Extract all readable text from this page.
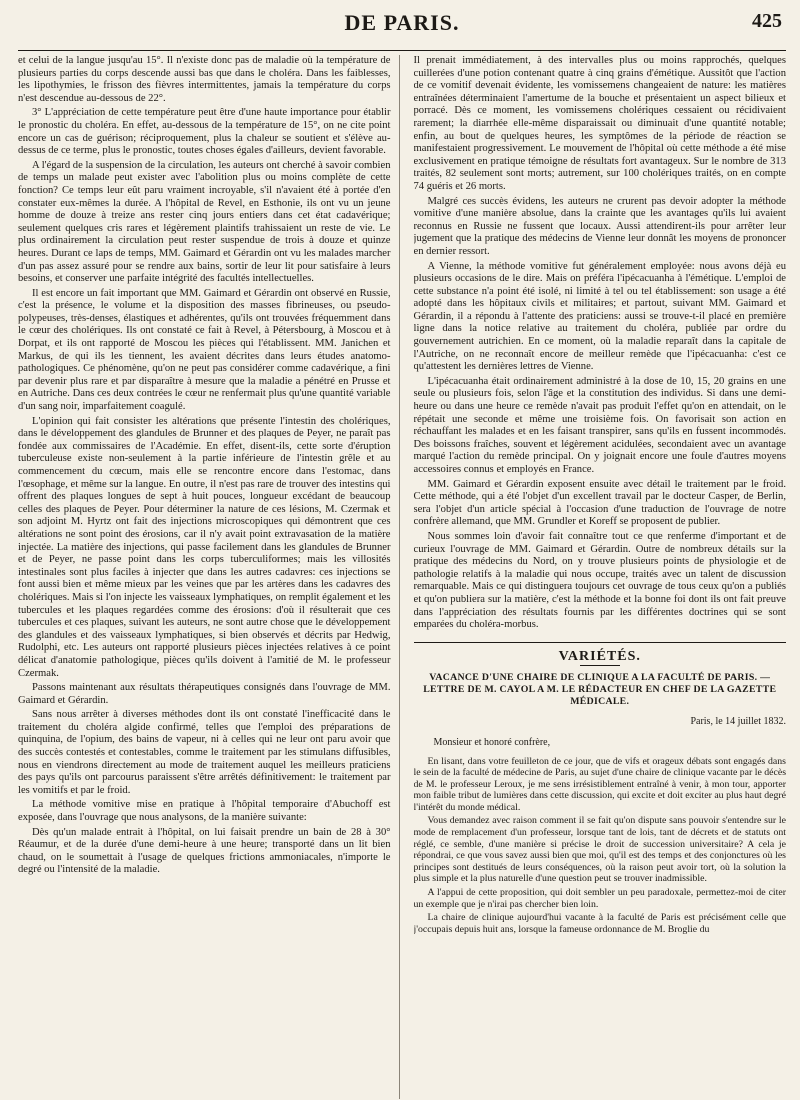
DE PARIS.	425

et celui de la langue jusqu'au 15°. Il n'existe donc pas de maladie où la température de plusieurs parties du corps descende aussi bas que dans le choléra. Dans les faiblesses, les lipothymies, le frisson des fièvres intermittentes, jamais la température du corps n'est descendue au-dessous de 22°.

3° L'appréciation de cette température peut être d'une haute importance pour établir le pronostic du choléra. En effet, au-dessous de la température de 15°, on ne cite point encore un cas de guérison; réciproquement, plus la chaleur se soutient et s'élève au-dessus de ce terme, plus le pronostic, toutes choses égales d'ailleurs, devient favorable.

A l'égard de la suspension de la circulation, les auteurs ont cherché à savoir combien de temps un malade peut exister avec l'abolition plus ou moins complète de cette fonction? Ce temps leur eût paru vraiment incroyable, s'il n'avaient été à portée d'en constater eux-mêmes la durée. A l'hôpital de Revel, en Esthonie, ils ont vu un jeune homme de douze à treize ans rester cinq jours entiers dans cet état cadavérique; seulement quelques cris rares et légèrement plaintifs trahissaient un reste de vie. Le plus ordinairement la circulation peut rester suspendue de trois à douze et quinze heures. Durant ce laps de temps, MM. Gaimard et Gérardin ont vu les malades marcher d'un pas assez assuré pour se rendre aux bains, sortir de leur lit pour satisfaire à leurs besoins, et conserver une parfaite intégrité des facultés intellectuelles.

Il est encore un fait important que MM. Gaimard et Gérardin ont observé en Russie, c'est la présence, le volume et la disposition des masses fibrineuses, ou pseudo-polypeuses, très-denses, élastiques et adhérentes, qu'ils ont trouvées fréquemment dans le cœur des cholériques. Ils ont constaté ce fait à Revel, à Pétersbourg, à Moscou et à Dorpat, et ils ont rapporté de Moscou les pièces qui l'établissent. MM. Janichen et Markus, de qui ils les tiennent, les avaient décrites dans leurs études anatomo-pathologiques. Ce phénomène, qu'on ne peut pas considérer comme cadavérique, a fini par devenir plus rare et par disparaître à mesure que la maladie a pénétré en Prusse et en Autriche. Dans ces deux contrées le cœur ne renfermait plus qu'une quantité variable d'un sang noir, imparfaitement coagulé.

L'opinion qui fait consister les altérations que présente l'intestin des cholériques, dans le développement des glandules de Brunner et des plaques de Peyer, ne paraît pas fondée aux commissaires de l'Académie. En effet, disent-ils, cette sorte d'éruption tuberculeuse existe non-seulement à la partie inférieure de l'intestin grêle et au commencement du cœcum, mais elle se rencontre encore dans l'estomac, dans l'œsophage, et même sur la langue. En outre, il n'est pas rare de trouver des intestins qui offrent des plaques longues de sept à huit pouces, longueur excédant de beaucoup celles des plaques de Peyer. Pour déterminer la nature de ces lésions, M. Czermak et son adjoint M. Hyrtz ont fait des injections microscopiques qui démontrent que ces altérations ne sont point des érosions, car il n'y avait point extravasation de la matière injectée. La matière des injections, qui passe facilement dans les glandules de Brunner et de Peyer, ne passe point dans les corps tuberculiformes; mais les villosités intestinales sont plus faciles à injecter que dans les autres cadavres: ces injections se font aussi bien et même mieux par les veines que par les artères dans les cadavres des cholériques. Mais si l'on injecte les vaisseaux lymphatiques, on remplit également et les tubercules et les plaques regardées comme des érosions: d'où il résulterait que ces tubercules et ces plaques, suivant les auteurs, ne sont autre chose que le développement des glandules et des vaisseaux lymphatiques, si bien observés et décrits par Hedwig, Rudolphi, etc. Les auteurs ont rapporté plusieurs pièces injectées relatives à ce point délicat d'anatomie pathologique, pièces qu'ils doivent à l'amitié de M. le professeur Czermak.

Passons maintenant aux résultats thérapeutiques consignés dans l'ouvrage de MM. Gaimard et Gérardin.

Sans nous arrêter à diverses méthodes dont ils ont constaté l'inefficacité dans le traitement du choléra algide confirmé, telles que l'emploi des préparations de quinquina, de l'opium, des bains de vapeur, ni à celles qui ne leur ont paru avoir que des succès contestés et contestables, comme le traitement par les stimulans diffusibles, nous en viendrons directement au mode de traitement auquel les meilleurs praticiens des pays qu'ils ont parcourus paraissent s'être arrêtés définitivement: le traitement par les vomitifs et par le froid.

La méthode vomitive mise en pratique à l'hôpital temporaire d'Abuchoff est exposée, dans l'ouvrage que nous analysons, de la manière suivante:

Dès qu'un malade entrait à l'hôpital, on lui faisait prendre un bain de 28 à 30° Réaumur, et de la durée d'une demi-heure à une heure; transporté dans un lit bien chaud, on le soumettait à l'usage de quelques frictions ammoniacales, n'importe le degré ou l'intensité de la maladie.

Il prenait immédiatement, à des intervalles plus ou moins rapprochés, quelques cuillerées d'une potion contenant quatre à cinq grains d'émétique. Aussitôt que l'action de ce vomitif devenait évidente, les vomissemens changeaient de nature: les matières entraînées déterminaient l'amertume de la bouche et présentaient un aspect bilieux et porracé. Dès ce moment, les vomissemens cholériques cessaient ou récidivaient rarement; la diarrhée elle-même disparaissait ou diminuait d'une quantité notable; enfin, au bout de quelques heures, les symptômes de la période de réaction se manifestaient progressivement. Le mouvement de l'hôpital où cette méthode a été mise exclusivement en pratique témoigne de résultats fort avantageux. Sur le nombre de 313 traités, 82 seulement sont morts; autrement, sur 100 cholériques traités, on en compte 74 guéris et 26 morts.

Malgré ces succès évidens, les auteurs ne crurent pas devoir adopter la méthode vomitive d'une manière absolue, dans la crainte que les avantages qu'ils lui avaient reconnus en Russie ne fussent que locaux. Aussi attendirent-ils pour arrêter leur jugement que la pratique des médecins de Vienne leur donnât les moyens de prononcer en dernier ressort.

A Vienne, la méthode vomitive fut généralement employée: nous avons déjà eu plusieurs occasions de le dire. Mais on préféra l'ipécacuanha à l'émétique. L'emploi de cette substance n'a point été isolé, ni limité à tel ou tel établissement: son usage a été adopté dans les hôpitaux civils et militaires; et partout, suivant MM. Gaimard et Gérardin, il a répondu à l'attente des praticiens: aussi se trouve-t-il placé en première ligne dans la notice relative au traitement du choléra, publiée par ordre du gouvernement autrichien. En ce moment, où la maladie reparaît dans la capitale de l'Autriche, on ne reconnaît encore de meilleur remède que l'ipécacuanha: c'est ce qu'attestent les dernières lettres de Vienne.

L'ipécacuanha était ordinairement administré à la dose de 10, 15, 20 grains en une seule ou plusieurs fois, selon l'âge et la constitution des individus. Si dans une demi-heure ou dans une heure ce remède n'avait pas produit l'effet qu'on en attendait, on le répétait une seconde et même une troisième fois. On favorisait son action en réchauffant les malades et en les faisant transpirer, sans qu'ils en fussent incommodés. Des boissons fraîches, souvent et légèrement acidulées, secondaient avec un avantage marqué l'action du remède principal. On y joignait encore une foule d'autres moyens accessoires connus et employés en France.

MM. Gaimard et Gérardin exposent ensuite avec détail le traitement par le froid. Cette méthode, qui a été l'objet d'un excellent travail par le docteur Casper, de Berlin, sera l'objet d'un article spécial à l'occasion d'une traduction de l'ouvrage de notre confrère allemand, que MM. Grundler et Koreff se proposent de publier.

Nous sommes loin d'avoir fait connaître tout ce que renferme d'important et de curieux l'ouvrage de MM. Gaimard et Gérardin. Outre de nombreux détails sur la pratique des médecins du Nord, on y trouve plusieurs points de physiologie et de pathologie relatifs à la maladie qui nous occupe, traités avec un talent de discussion remarquable. Mais ce qui distinguera toujours cet ouvrage de tous ceux qu'on a publiés et qu'on publiera sur la matière, c'est la méthode et la bonne foi dont ils ont fait preuve dans l'appréciation des résultats fournis par les différentes doctrines qui se sont emparées du choléra-morbus.

VARIÉTÉS.
VACANCE D'UNE CHAIRE DE CLINIQUE A LA FACULTÉ DE PARIS. — LETTRE DE M. CAYOL A M. LE RÉDACTEUR EN CHEF DE LA GAZETTE MÉDICALE.
Paris, le 14 juillet 1832.
Monsieur et honoré confrère,

En lisant, dans votre feuilleton de ce jour, que de vifs et orageux débats sont engagés dans le sein de la faculté de médecine de Paris, au sujet d'une chaire de clinique vacante par le décès de M. le professeur Leroux, je me sens irrésistiblement entraîné à venir, à mon tour, apporter mon faible tribut de lumières dans cette discussion, qui excite et doit exciter au plus haut degré l'intérêt du monde médical.

Vous demandez avec raison comment il se fait qu'on dispute sans pouvoir s'entendre sur le mode de remplacement d'un professeur, lorsque tant de lois, tant de décrets et de statuts ont réglé, ce semble, d'une manière si précise le droit de succession universitaire? A cela je répondrai, ce que vous savez aussi bien que moi, qu'il est des temps et des conjonctures où les principes sont destitués de leurs conséquences, où la raison peut avoir tort, où la solution la plus simple et la plus naturelle d'une question peut se trouver inadmissible.

A l'appui de cette proposition, qui doit sembler un peu paradoxale, permettez-moi de citer un exemple que je n'irai pas chercher bien loin.

La chaire de clinique aujourd'hui vacante à la faculté de Paris est précisément celle que j'occupais depuis huit ans, lorsque la fameuse ordonnance de M. Broglie du
